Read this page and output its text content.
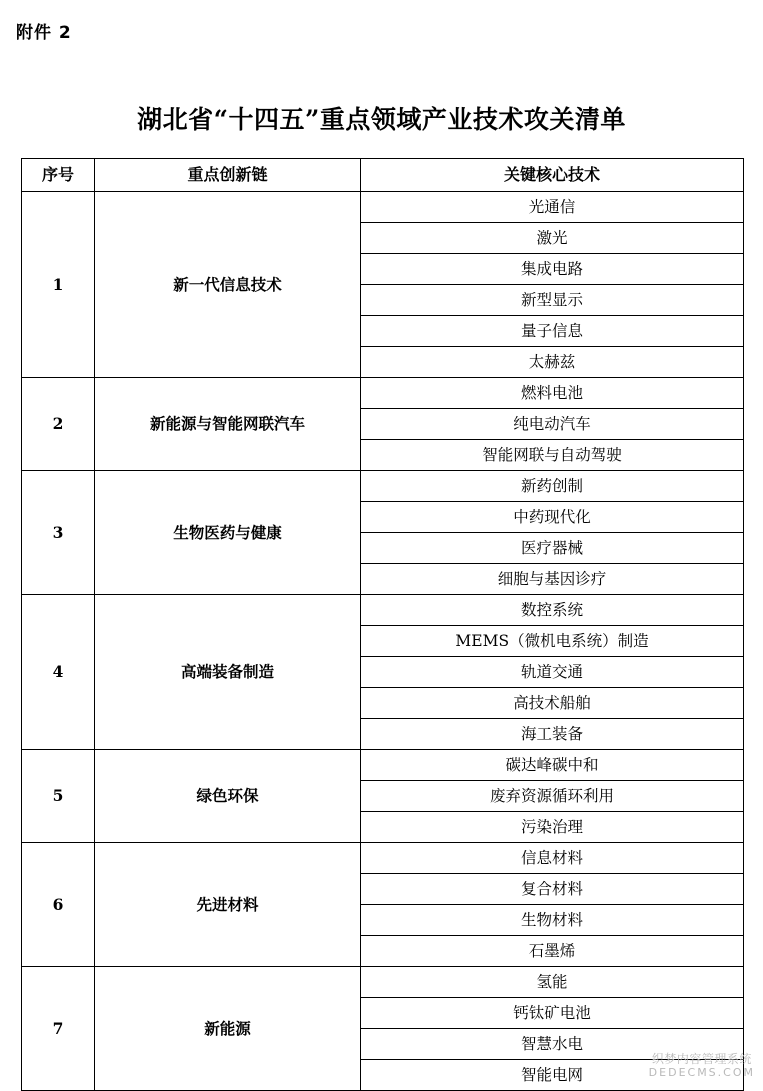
附件 2
湖北省“十四五”重点领域产业技术攻关清单
序号	重点创新链	关键核心技术
1	新一代信息技术	光通信
		激光
		集成电路
		新型显示
		量子信息
		太赫兹
2	新能源与智能网联汽车	燃料电池
		纯电动汽车
		智能网联与自动驾驶
3	生物医药与健康	新药创制
		中药现代化
		医疗器械
		细胞与基因诊疗
4	高端装备制造	数控系统
		MEMS（微机电系统）制造
		轨道交通
		高技术船舶
		海工装备
5	绿色环保	碳达峰碳中和
		废弃资源循环利用
		污染治理
6	先进材料	信息材料
		复合材料
		生物材料
		石墨烯
7	新能源	氢能
		钙钛矿电池
		智慧水电
		智能电网
织梦内容管理系统
DEDECMS.COM
